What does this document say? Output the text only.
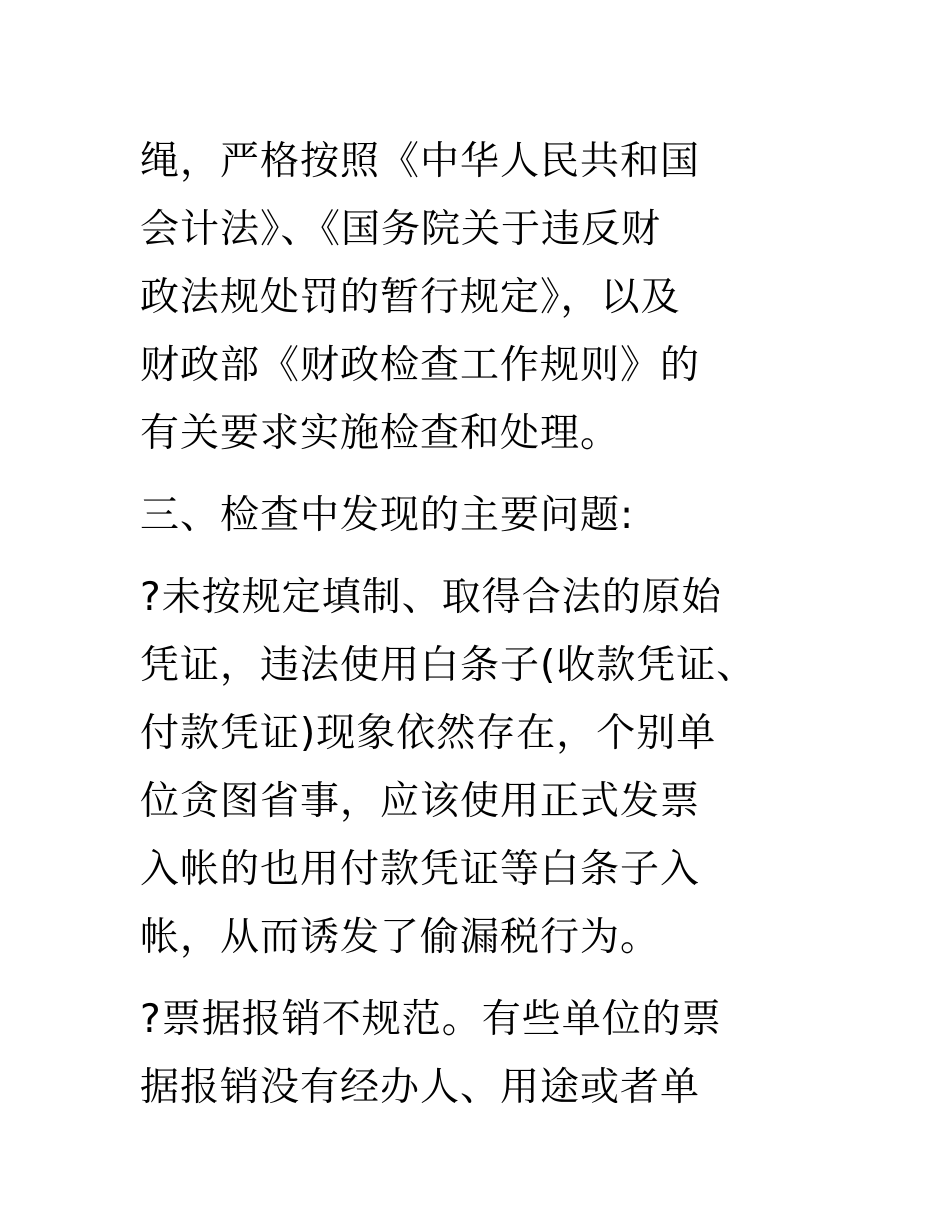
绳，严格按照《中华人民共和国
会计法》、《国务院关于违反财
政法规处罚的暂行规定》，以及
财政部《财政检查工作规则》的
有关要求实施检查和处理。
三、检查中发现的主要问题:
?未按规定填制、取得合法的原始
凭证，违法使用白条子(收款凭证、
付款凭证)现象依然存在，个别单
位贪图省事，应该使用正式发票
入帐的也用付款凭证等白条子入
帐，从而诱发了偷漏税行为。
?票据报销不规范。有些单位的票
据报销没有经办人、用途或者单
